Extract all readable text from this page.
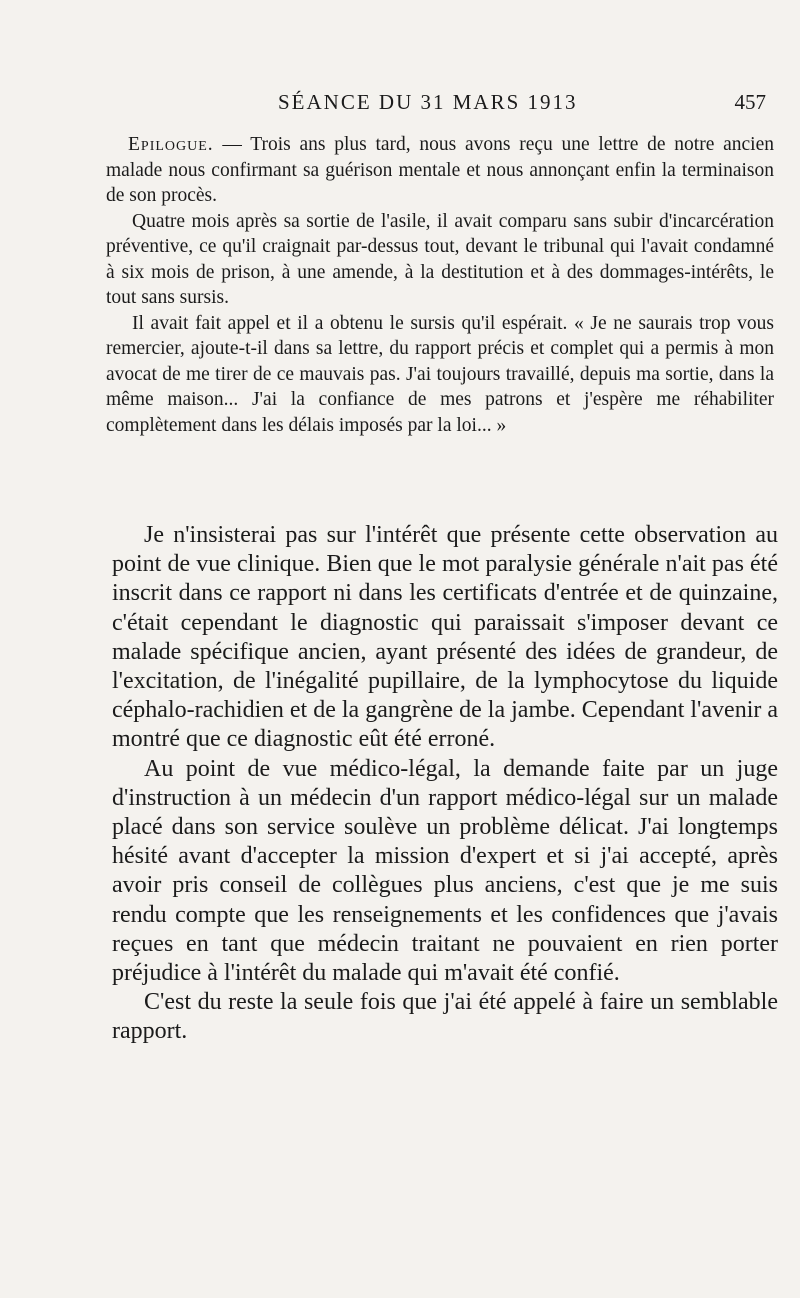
SÉANCE DU 31 MARS 1913	457

Epilogue. — Trois ans plus tard, nous avons reçu une lettre de notre ancien malade nous confirmant sa guérison mentale et nous annonçant enfin la terminaison de son procès.

Quatre mois après sa sortie de l'asile, il avait comparu sans subir d'incarcération préventive, ce qu'il craignait par-dessus tout, devant le tribunal qui l'avait condamné à six mois de prison, à une amende, à la destitution et à des dommages-intérêts, le tout sans sursis.

Il avait fait appel et il a obtenu le sursis qu'il espérait. « Je ne saurais trop vous remercier, ajoute-t-il dans sa lettre, du rapport précis et complet qui a permis à mon avocat de me tirer de ce mauvais pas. J'ai toujours travaillé, depuis ma sortie, dans la même maison... J'ai la confiance de mes patrons et j'espère me réhabiliter complètement dans les délais imposés par la loi... »

Je n'insisterai pas sur l'intérêt que présente cette observation au point de vue clinique. Bien que le mot paralysie générale n'ait pas été inscrit dans ce rapport ni dans les certificats d'entrée et de quinzaine, c'était cependant le diagnostic qui paraissait s'imposer devant ce malade spécifique ancien, ayant présenté des idées de grandeur, de l'excitation, de l'inégalité pupillaire, de la lymphocytose du liquide céphalo-rachidien et de la gangrène de la jambe. Cependant l'avenir a montré que ce diagnostic eût été erroné.

Au point de vue médico-légal, la demande faite par un juge d'instruction à un médecin d'un rapport médico-légal sur un malade placé dans son service soulève un problème délicat. J'ai longtemps hésité avant d'accepter la mission d'expert et si j'ai accepté, après avoir pris conseil de collègues plus anciens, c'est que je me suis rendu compte que les renseignements et les confidences que j'avais reçues en tant que médecin traitant ne pouvaient en rien porter préjudice à l'intérêt du malade qui m'avait été confié.

C'est du reste la seule fois que j'ai été appelé à faire un semblable rapport.
